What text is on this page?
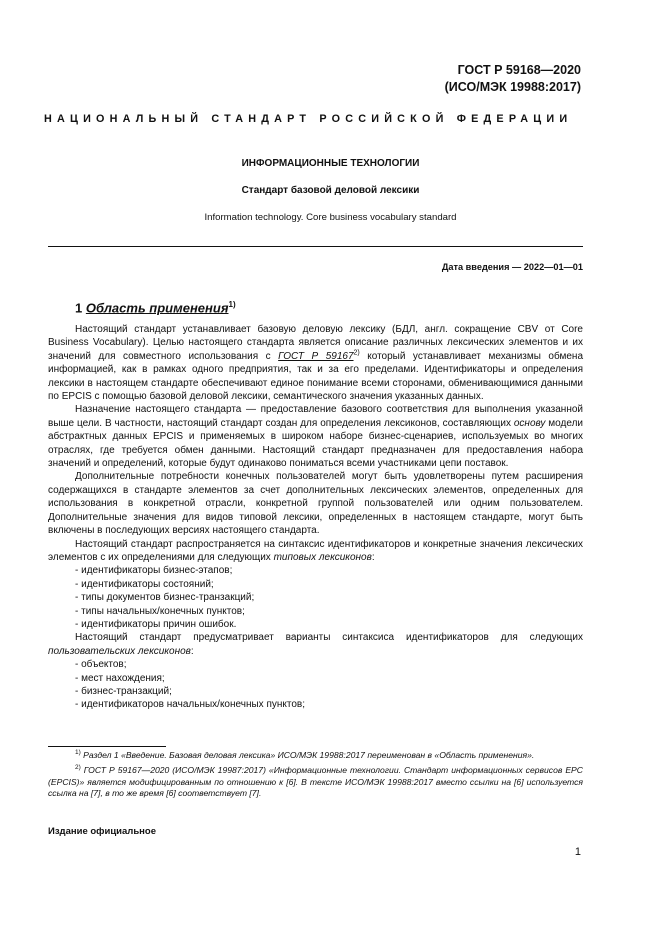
ГОСТ Р 59168—2020
(ИСО/МЭК 19988:2017)
НАЦИОНАЛЬНЫЙ СТАНДАРТ РОССИЙСКОЙ ФЕДЕРАЦИИ
ИНФОРМАЦИОННЫЕ ТЕХНОЛОГИИ
Стандарт базовой деловой лексики
Information technology. Core business vocabulary standard
Дата введения — 2022—01—01
1 Область применения$^{1)}$

Настоящий стандарт устанавливает базовую деловую лексику (БДЛ, англ. сокращение CBV от Core Business Vocabulary). Целью настоящего стандарта является описание различных лексических элементов и их значений для совместного использования с ГОСТ Р 59167$^{2)}$ который устанавливает механизмы обмена информацией, как в рамках одного предприятия, так и за его пределами. Идентификаторы и определения лексики в настоящем стандарте обеспечивают единое понимание всеми сторонами, обменивающимися данными по EPCIS с помощью базовой деловой лексики, семантического значения указанных данных.

Назначение настоящего стандарта — предоставление базового соответствия для выполнения указанной выше цели. В частности, настоящий стандарт создан для определения лексиконов, составляющих основу модели абстрактных данных EPCIS и применяемых в широком наборе бизнес-сценариев, используемых во многих отраслях, где требуется обмен данными. Настоящий стандарт предназначен для предоставления набора значений и определений, которые будут одинаково пониматься всеми участниками цепи поставок.

Дополнительные потребности конечных пользователей могут быть удовлетворены путем расширения содержащихся в стандарте элементов за счет дополнительных лексических элементов, определенных для использования в конкретной отрасли, конкретной группой пользователей или одним пользователем. Дополнительные значения для видов типовой лексики, определенных в настоящем стандарте, могут быть включены в последующих версиях настоящего стандарта.

Настоящий стандарт распространяется на синтаксис идентификаторов и конкретные значения лексических элементов с их определениями для следующих типовых лексиконов:

- идентификаторы бизнес-этапов;

- идентификаторы состояний;

- типы документов бизнес-транзакций;

- типы начальных/конечных пунктов;

- идентификаторы причин ошибок.

Настоящий стандарт предусматривает варианты синтаксиса идентификаторов для следующих пользовательских лексиконов:

- объектов;

- мест нахождения;

- бизнес-транзакций;

- идентификаторов начальных/конечных пунктов;

$^{1)}$ Раздел 1 «Введение. Базовая деловая лексика» ИСО/МЭК 19988:2017 переименован в «Область применения».

$^{2)}$ ГОСТ Р 59167—2020 (ИСО/МЭК 19987:2017) «Информационные технологии. Стандарт информационных сервисов EPC (EPCIS)» является модифицированным по отношению к [6]. В тексте ИСО/МЭК 19988:2017 вместо ссылки на [6] используется ссылка на [7], в то же время [6] соответствует [7].

Издание официальное
1
